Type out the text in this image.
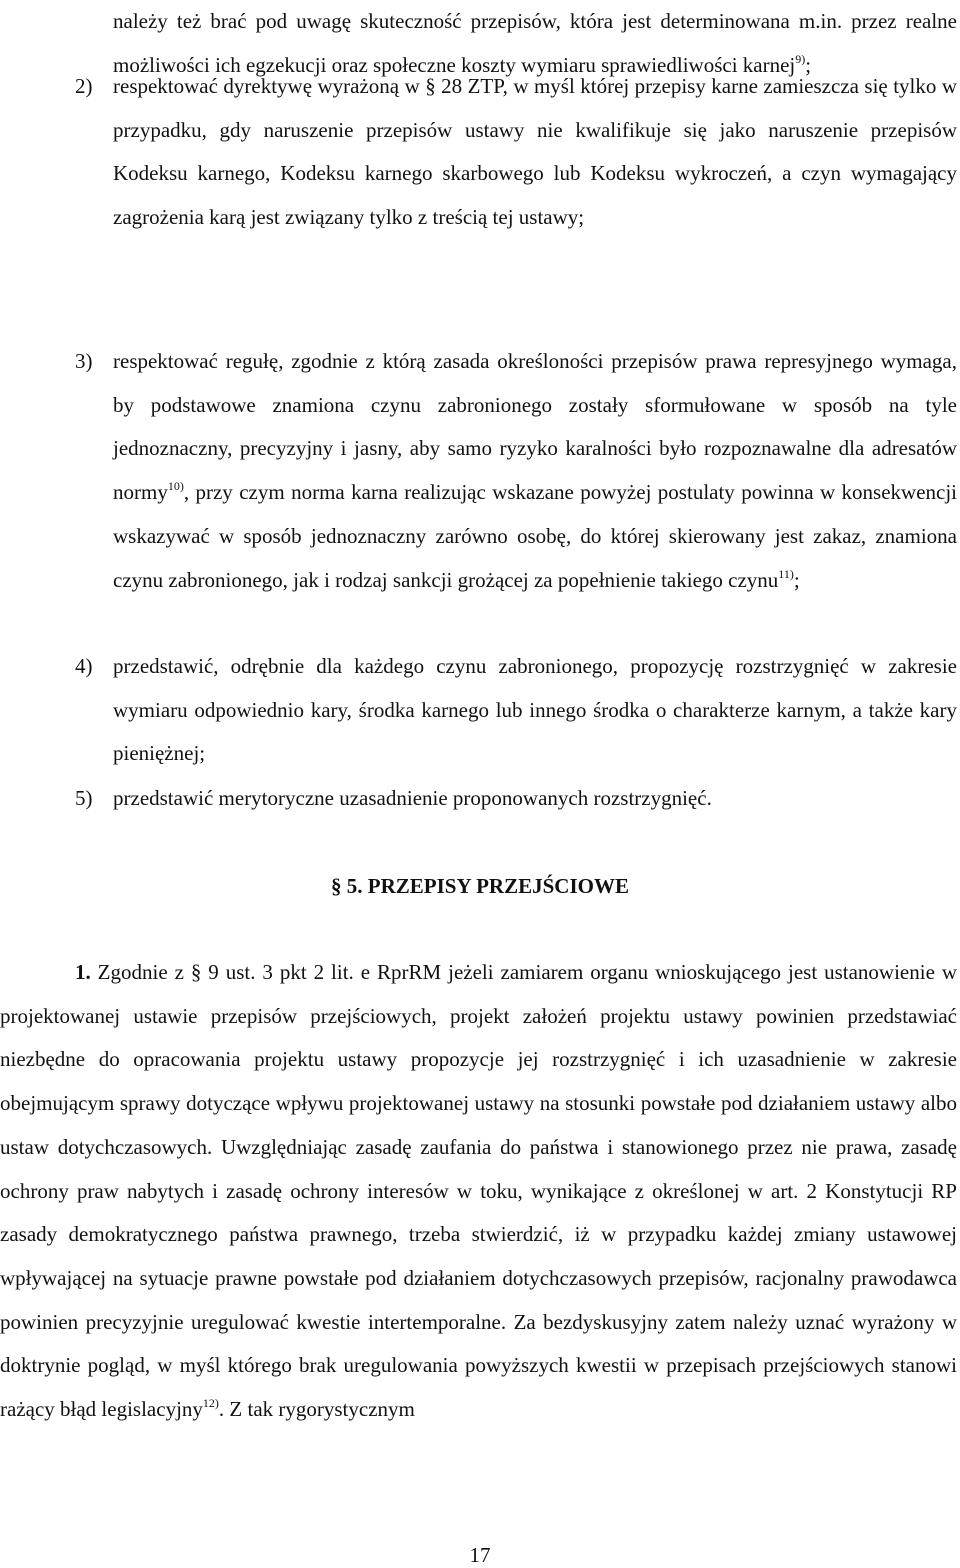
należy też brać pod uwagę skuteczność przepisów, która jest determinowana m.in. przez realne możliwości ich egzekucji oraz społeczne koszty wymiaru sprawiedliwości karnej$^{9)}$;

2) respektować dyrektywę wyrażoną w § 28 ZTP, w myśl której przepisy karne zamieszcza się tylko w przypadku, gdy naruszenie przepisów ustawy nie kwalifikuje się jako naruszenie przepisów Kodeksu karnego, Kodeksu karnego skarbowego lub Kodeksu wykroczeń, a czyn wymagający zagrożenia karą jest związany tylko z treścią tej ustawy;

3) respektować regułę, zgodnie z którą zasada określoności przepisów prawa represyjnego wymaga, by podstawowe znamiona czynu zabronionego zostały sformułowane w sposób na tyle jednoznaczny, precyzyjny i jasny, aby samo ryzyko karalności było rozpoznawalne dla adresatów normy$^{10)}$, przy czym norma karna realizując wskazane powyżej postulaty powinna w konsekwencji wskazywać w sposób jednoznaczny zarówno osobę, do której skierowany jest zakaz, znamiona czynu zabronionego, jak i rodzaj sankcji grożącej za popełnienie takiego czynu$^{11)}$;

4) przedstawić, odrębnie dla każdego czynu zabronionego, propozycję rozstrzygnięć w zakresie wymiaru odpowiednio kary, środka karnego lub innego środka o charakterze karnym, a także kary pieniężnej;

5) przedstawić merytoryczne uzasadnienie proponowanych rozstrzygnięć.

§ 5. PRZEPISY PRZEJŚCIOWE

1. Zgodnie z § 9 ust. 3 pkt 2 lit. e RprRM jeżeli zamiarem organu wnioskującego jest ustanowienie w projektowanej ustawie przepisów przejściowych, projekt założeń projektu ustawy powinien przedstawiać niezbędne do opracowania projektu ustawy propozycje jej rozstrzygnięć i ich uzasadnienie w zakresie obejmującym sprawy dotyczące wpływu projektowanej ustawy na stosunki powstałe pod działaniem ustawy albo ustaw dotychczasowych. Uwzględniając zasadę zaufania do państwa i stanowionego przez nie prawa, zasadę ochrony praw nabytych i zasadę ochrony interesów w toku, wynikające z określonej w art. 2 Konstytucji RP zasady demokratycznego państwa prawnego, trzeba stwierdzić, iż w przypadku każdej zmiany ustawowej wpływającej na sytuacje prawne powstałe pod działaniem dotychczasowych przepisów, racjonalny prawodawca powinien precyzyjnie uregulować kwestie intertemporalne. Za bezdyskusyjny zatem należy uznać wyrażony w doktrynie pogląd, w myśl którego brak uregulowania powyższych kwestii w przepisach przejściowych stanowi rażący błąd legislacyjny$^{12)}$. Z tak rygorystycznym

17
